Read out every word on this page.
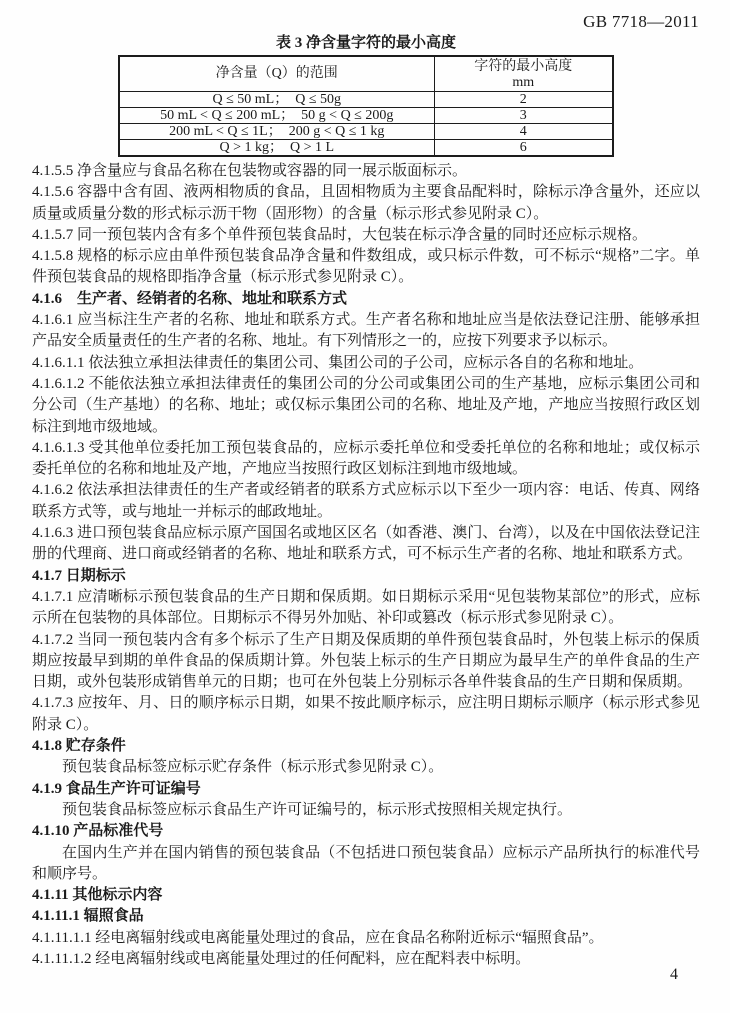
GB 7718—2011
表 3 净含量字符的最小高度
净含量（Q）的范围	字符的最小高度
mm

Q ≤ 50 mL；　Q ≤ 50g	2
50 mL < Q ≤ 200 mL；　50 g < Q ≤ 200g	3
200 mL < Q ≤ 1L；　200 g < Q ≤ 1 kg	4
Q > 1 kg；　Q > 1 L	6

4.1.5.5 净含量应与食品名称在包装物或容器的同一展示版面标示。

4.1.5.6 容器中含有固、液两相物质的食品，且固相物质为主要食品配料时，除标示净含量外，还应以质量或质量分数的形式标示沥干物（固形物）的含量（标示形式参见附录 C）。

4.1.5.7 同一预包装内含有多个单件预包装食品时，大包装在标示净含量的同时还应标示规格。

4.1.5.8 规格的标示应由单件预包装食品净含量和件数组成，或只标示件数，可不标示“规格”二字。单件预包装食品的规格即指净含量（标示形式参见附录 C）。

4.1.6　生产者、经销者的名称、地址和联系方式

4.1.6.1 应当标注生产者的名称、地址和联系方式。生产者名称和地址应当是依法登记注册、能够承担产品安全质量责任的生产者的名称、地址。有下列情形之一的，应按下列要求予以标示。

4.1.6.1.1 依法独立承担法律责任的集团公司、集团公司的子公司，应标示各自的名称和地址。

4.1.6.1.2 不能依法独立承担法律责任的集团公司的分公司或集团公司的生产基地，应标示集团公司和分公司（生产基地）的名称、地址；或仅标示集团公司的名称、地址及产地，产地应当按照行政区划标注到地市级地域。

4.1.6.1.3 受其他单位委托加工预包装食品的，应标示委托单位和受委托单位的名称和地址；或仅标示委托单位的名称和地址及产地，产地应当按照行政区划标注到地市级地域。

4.1.6.2 依法承担法律责任的生产者或经销者的联系方式应标示以下至少一项内容：电话、传真、网络联系方式等，或与地址一并标示的邮政地址。

4.1.6.3 进口预包装食品应标示原产国国名或地区区名（如香港、澳门、台湾），以及在中国依法登记注册的代理商、进口商或经销者的名称、地址和联系方式，可不标示生产者的名称、地址和联系方式。

4.1.7 日期标示

4.1.7.1 应清晰标示预包装食品的生产日期和保质期。如日期标示采用“见包装物某部位”的形式，应标示所在包装物的具体部位。日期标示不得另外加贴、补印或篡改（标示形式参见附录 C）。

4.1.7.2 当同一预包装内含有多个标示了生产日期及保质期的单件预包装食品时，外包装上标示的保质期应按最早到期的单件食品的保质期计算。外包装上标示的生产日期应为最早生产的单件食品的生产日期，或外包装形成销售单元的日期；也可在外包装上分别标示各单件装食品的生产日期和保质期。

4.1.7.3 应按年、月、日的顺序标示日期，如果不按此顺序标示，应注明日期标示顺序（标示形式参见附录 C）。

4.1.8 贮存条件

预包装食品标签应标示贮存条件（标示形式参见附录 C）。

4.1.9 食品生产许可证编号

预包装食品标签应标示食品生产许可证编号的，标示形式按照相关规定执行。

4.1.10 产品标准代号

在国内生产并在国内销售的预包装食品（不包括进口预包装食品）应标示产品所执行的标准代号和顺序号。

4.1.11 其他标示内容

4.1.11.1 辐照食品

4.1.11.1.1 经电离辐射线或电离能量处理过的食品，应在食品名称附近标示“辐照食品”。

4.1.11.1.2 经电离辐射线或电离能量处理过的任何配料，应在配料表中标明。

4
